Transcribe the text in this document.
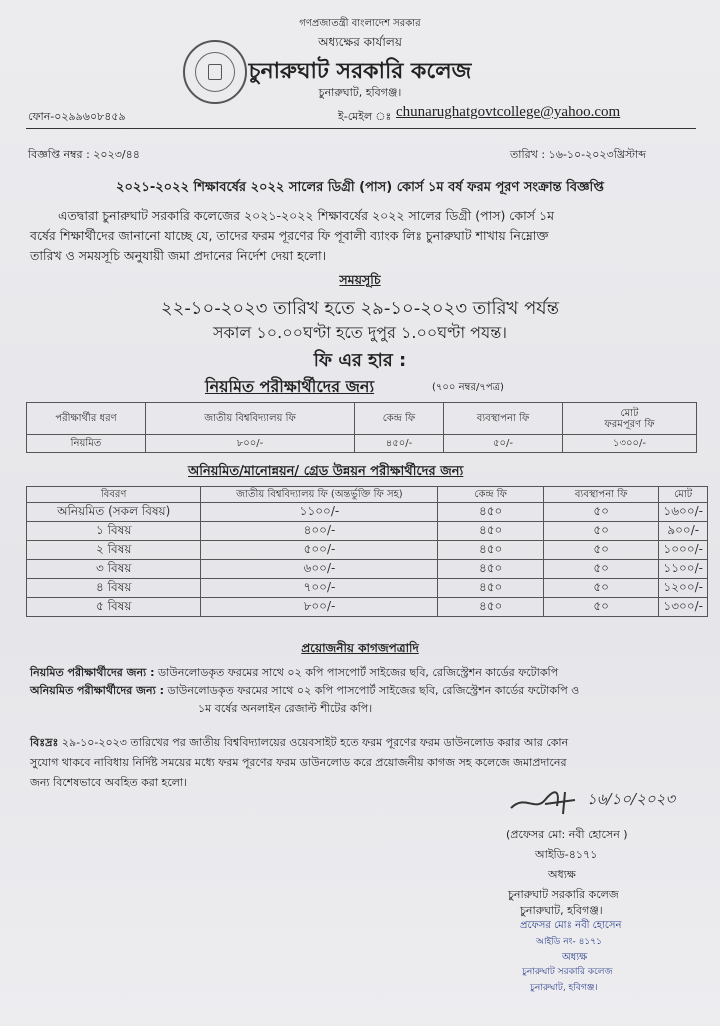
গণপ্রজাতন্ত্রী বাংলাদেশ সরকার
অধ্যক্ষের কার্যালয়
চুনারুঘাট সরকারি কলেজ
চুনারুঘাট, হবিগঞ্জ।
ফোন-০২৯৯৬০৮৪৫৯	ই-মেইল ঃ chunarughatgovtcollege@yahoo.com
বিজ্ঞপ্তি নম্বর : ২০২৩/৪৪	তারিখ : ১৬-১০-২০২৩খ্রিস্টাব্দ
২০২১-২০২২ শিক্ষাবর্ষের ২০২২ সালের ডিগ্রী (পাস) কোর্স ১ম বর্ষ ফরম পূরণ সংক্রান্ত বিজ্ঞপ্তি
এতদ্বারা চুনারুঘাট সরকারি কলেজের ২০২১-২০২২ শিক্ষাবর্ষের ২০২২ সালের ডিগ্রী (পাস) কোর্স ১ম
বর্ষের শিক্ষার্থীদের জানানো যাচ্ছে যে, তাদের ফরম পূরণের ফি পূবালী ব্যাংক লিঃ চুনারুঘাট শাখায় নিম্নোক্ত
তারিখ ও সময়সূচি অনুযায়ী জমা প্রদানের নির্দেশ দেয়া হলো।
সময়সূচি
২২-১০-২০২৩ তারিখ হতে ২৯-১০-২০২৩ তারিখ পর্যন্ত
সকাল ১০.০০ঘণ্টা হতে দুপুর ১.০০ঘণ্টা পযন্ত।
ফি এর হার :
নিয়মিত পরীক্ষার্থীদের জন্য	(৭০০ নম্বর/৭পত্র)
পরীক্ষার্থীর ধরণ	জাতীয় বিশ্ববিদ্যালয় ফি	কেন্দ্র ফি	ব্যবস্থাপনা ফি	মোট
ফরমপূরণ ফি

নিয়মিত	৮০০/-	৪৫০/-	৫০/-	১৩০০/-
অনিয়মিত/মানোন্নয়ন/ গ্রেড উন্নয়ন পরীক্ষার্থীদের জন্য
বিবরণ	জাতীয় বিশ্ববিদ্যালয় ফি (অন্তর্ভুক্তি ফি সহ)	কেন্দ্র ফি	ব্যবস্থাপনা ফি	মোট
অনিয়মিত (সকল বিষয়)	১১০০/-	৪৫০	৫০	১৬০০/-
১ বিষয়	৪০০/-	৪৫০	৫০	৯০০/-
২ বিষয়	৫০০/-	৪৫০	৫০	১০০০/-
৩ বিষয়	৬০০/-	৪৫০	৫০	১১০০/-
৪ বিষয়	৭০০/-	৪৫০	৫০	১২০০/-
৫ বিষয়	৮০০/-	৪৫০	৫০	১৩০০/-
প্রয়োজনীয় কাগজপত্রাদি
নিয়মিত পরীক্ষার্থীদের জন্য : ডাউনলোডকৃত ফরমের সাথে ০২ কপি পাসপোর্ট সাইজের ছবি, রেজিস্ট্রেশন কার্ডের ফটোকপি
অনিয়মিত পরীক্ষার্থীদের জন্য : ডাউনলোডকৃত ফরমের সাথে ০২ কপি পাসপোর্ট সাইজের ছবি, রেজিস্ট্রেশন কার্ডের ফটোকপি ও
১ম বর্ষের অনলাইন রেজাল্ট শীটের কপি।
বিঃদ্রঃ ২৯-১০-২০২৩ তারিখের পর জাতীয় বিশ্ববিদ্যালয়ের ওয়েবসাইট হতে ফরম পূরণের ফরম ডাউনলোড করার আর কোন
সুযোগ থাকবে নাবিধায় নির্দিষ্ট সময়ের মধ্যে ফরম পূরণের ফরম ডাউনলোড করে প্রয়োজনীয় কাগজ সহ কলেজে জমাপ্রদানের
জন্য বিশেষভাবে অবহিত করা হলো।
১৬/১০/২০২৩
(প্রফেসর মো: নবী হোসেন )
আইডি-৪১৭১
অধ্যক্ষ
চুনারুঘাট সরকারি কলেজ
চুনারুঘাট, হবিগঞ্জ।
প্রফেসর মোঃ নবী হোসেন
আইডি নং- ৪১৭১
অধ্যক্ষ
চুনারুঘাট সরকারি কলেজ
চুনারুঘাট, হবিগঞ্জ।
